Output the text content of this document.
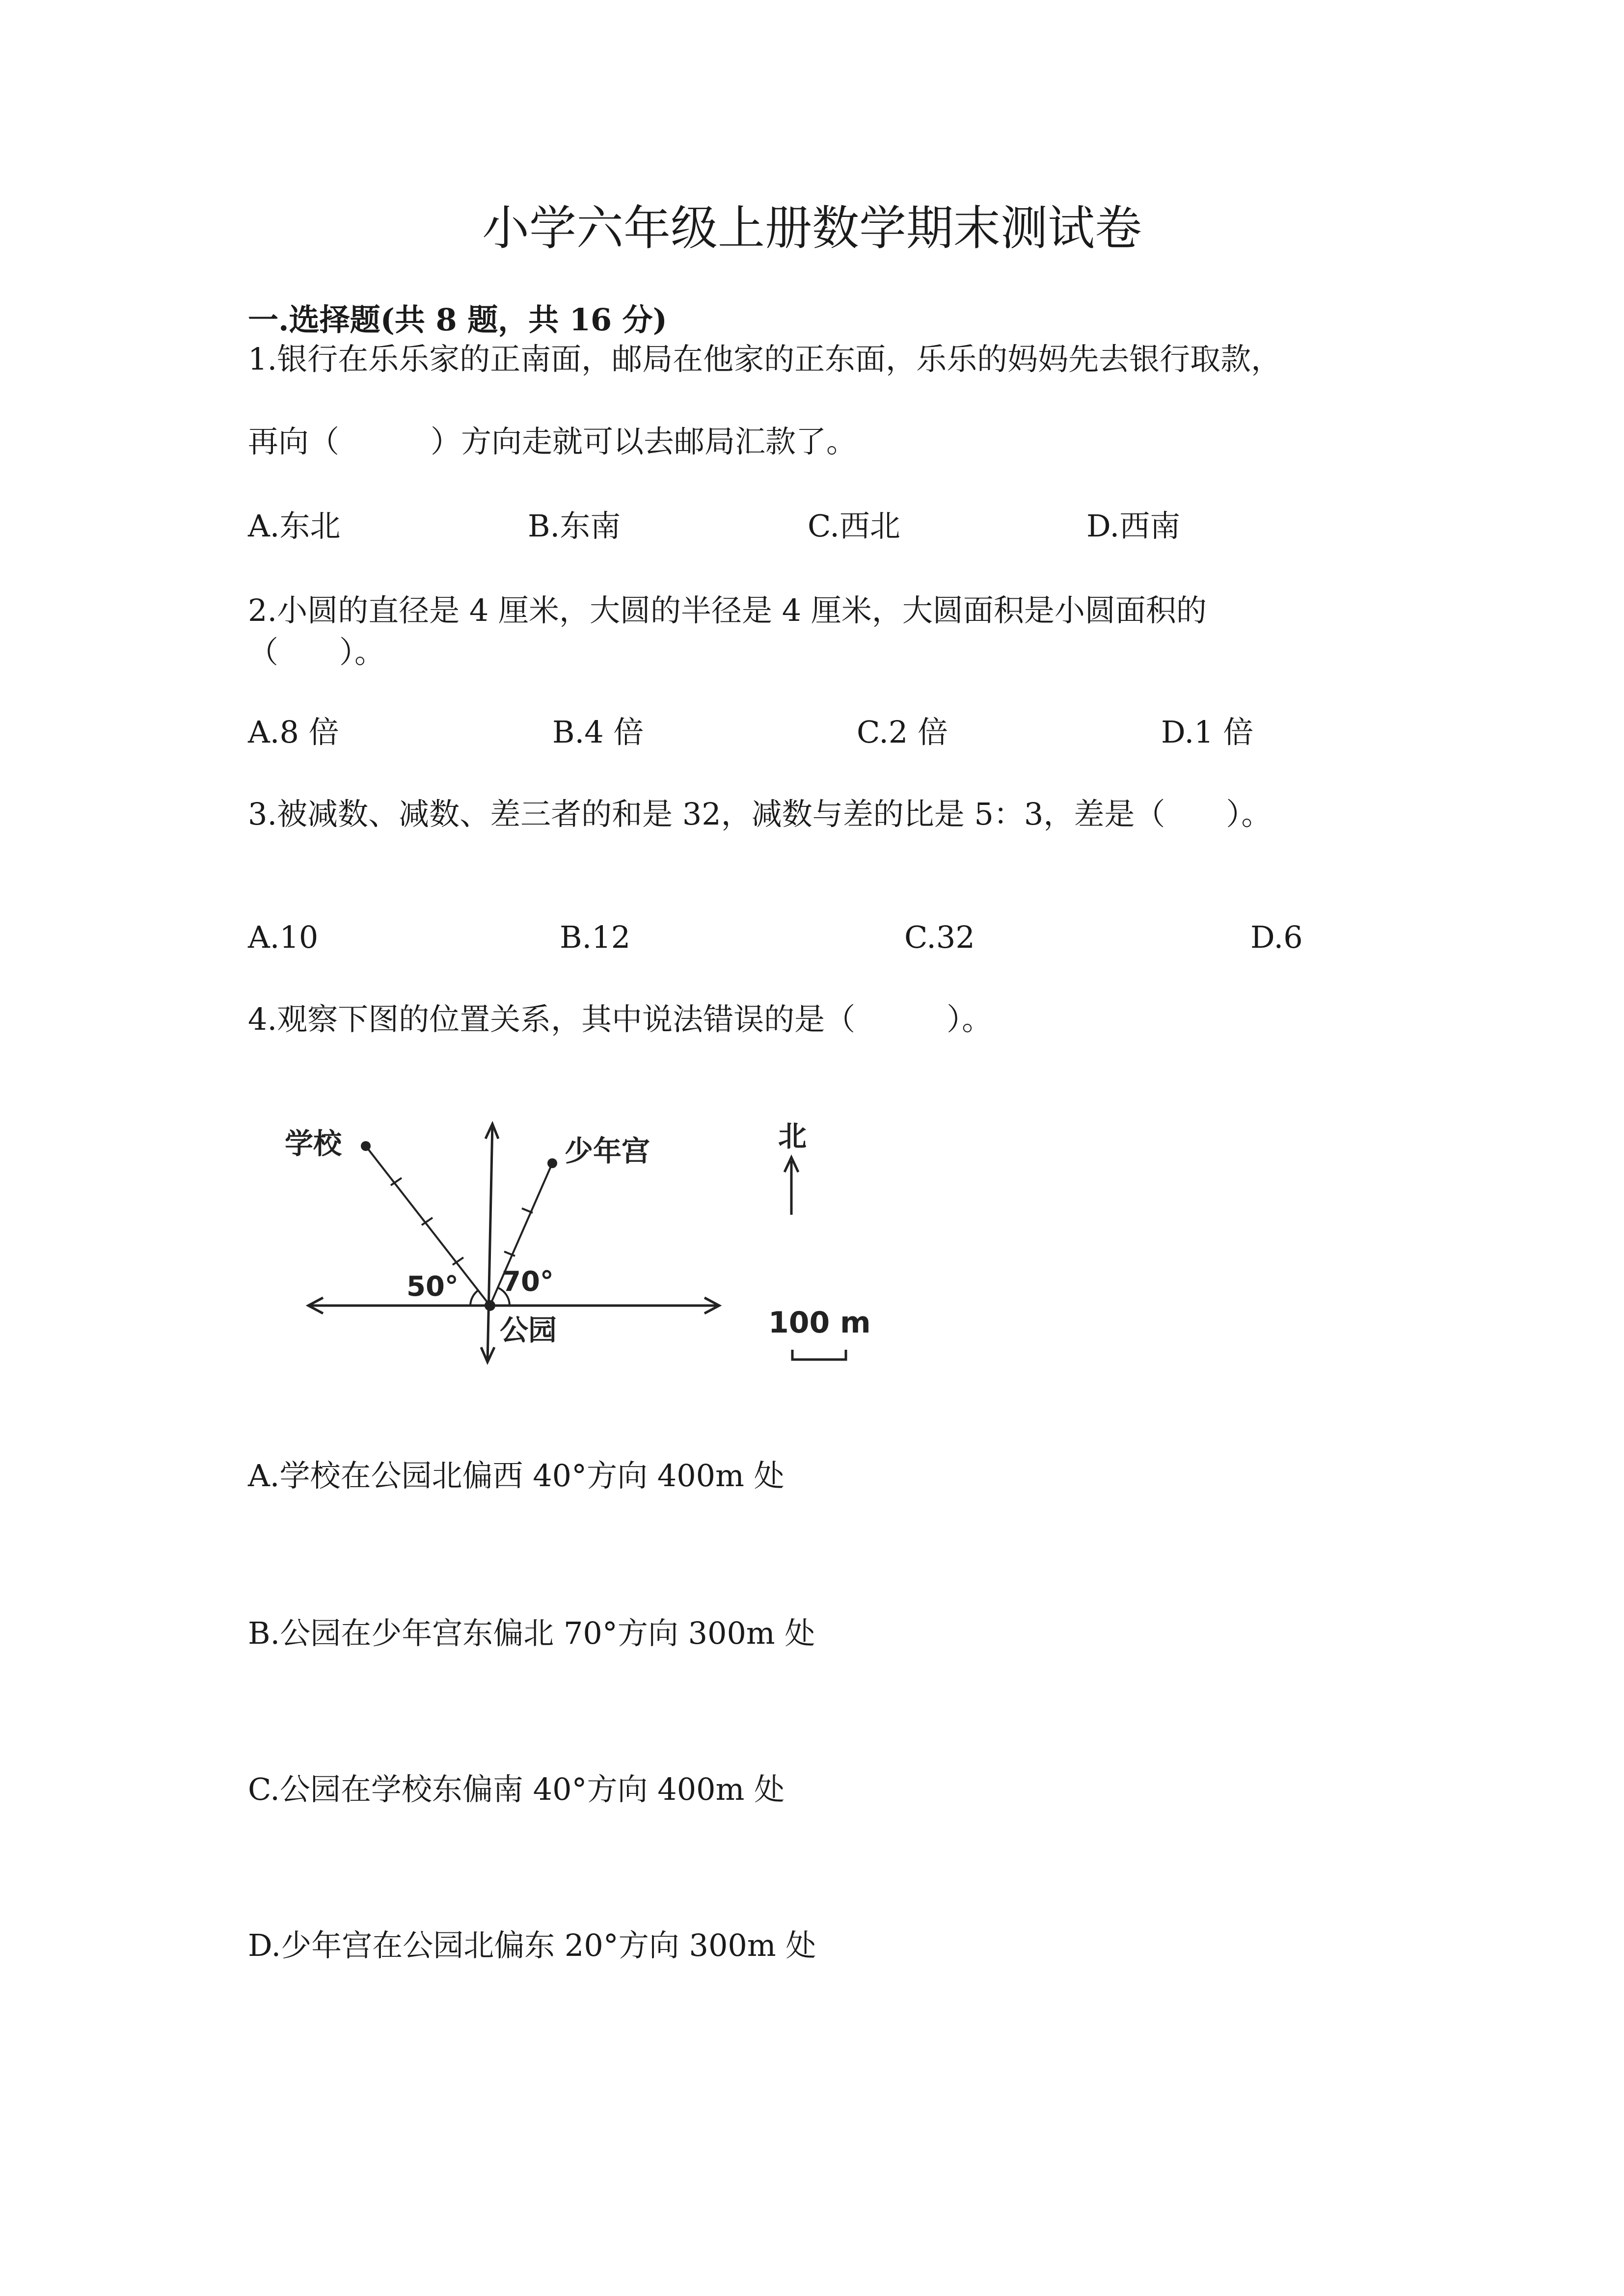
小学六年级上册数学期末测试卷
一.选择题(共 8 题，共 16 分)
1.银行在乐乐家的正南面，邮局在他家的正东面，乐乐的妈妈先去银行取款，
再向（　　　）方向走就可以去邮局汇款了。
A.东北	B.东南	C.西北	D.西南
2.小圆的直径是 4 厘米，大圆的半径是 4 厘米，大圆面积是小圆面积的
（　　）。
A.8 倍	B.4 倍	C.2 倍	D.1 倍
3.被减数、减数、差三者的和是 32，减数与差的比是 5：3，差是（　　）。
A.10	B.12	C.32	D.6
4.观察下图的位置关系，其中说法错误的是（　　　）。
学校	少年宫
公园
50° 70°
北
100 m
A.学校在公园北偏西 40°方向 400m 处
B.公园在少年宫东偏北 70°方向 300m 处
C.公园在学校东偏南 40°方向 400m 处
D.少年宫在公园北偏东 20°方向 300m 处
